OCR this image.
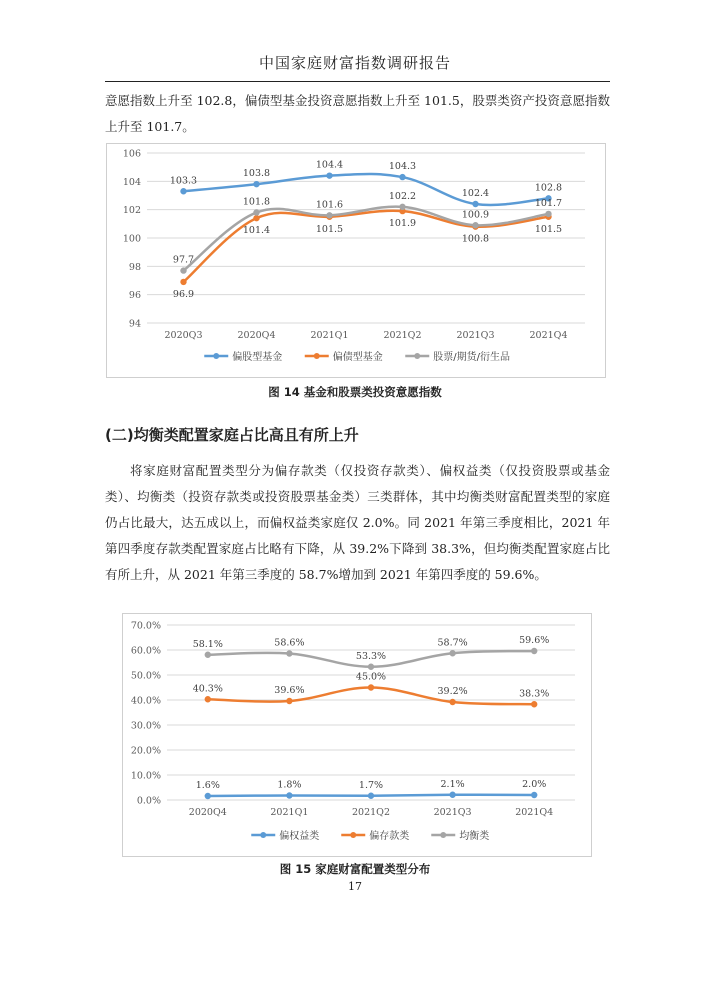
中国家庭财富指数调研报告
意愿指数上升至 102.8，偏债型基金投资意愿指数上升至 101.5，股票类资产投资意愿指数上升至 101.7。
94
96
98
100
102
104
106
2020Q3	2020Q4	2021Q1	2021Q2	2021Q3	2021Q4
103.3
103.8
104.4	104.3
102.4
102.8
96.9
101.4	101.5
101.9
100.8
101.5
97.7
101.8	101.6
102.2
100.9
101.7
偏股型基金	偏债型基金	股票/期货/衍生品
图 14 基金和股票类投资意愿指数
(二)均衡类配置家庭占比高且有所上升
将家庭财富配置类型分为偏存款类（仅投资存款类）、偏权益类（仅投资股票或基金类）、均衡类（投资存款类或投资股票基金类）三类群体，其中均衡类财富配置类型的家庭仍占比最大，达五成以上，而偏权益类家庭仅 2.0%。同 2021 年第三季度相比，2021 年第四季度存款类配置家庭占比略有下降，从 39.2%下降到 38.3%，但均衡类配置家庭占比有所上升，从 2021 年第三季度的 58.7%增加到 2021 年第四季度的 59.6%。
0.0%
10.0%
20.0%
30.0%
40.0%
50.0%
60.0%
70.0%
2020Q4	2021Q1	2021Q2	2021Q3	2021Q4
1.6%	1.8%	1.7%	2.1%	2.0%
40.3%	39.6%
45.0%
39.2%	38.3%
58.1%	58.6%
53.3%
58.7%	59.6%
偏权益类	偏存款类	均衡类
图 15 家庭财富配置类型分布
17
